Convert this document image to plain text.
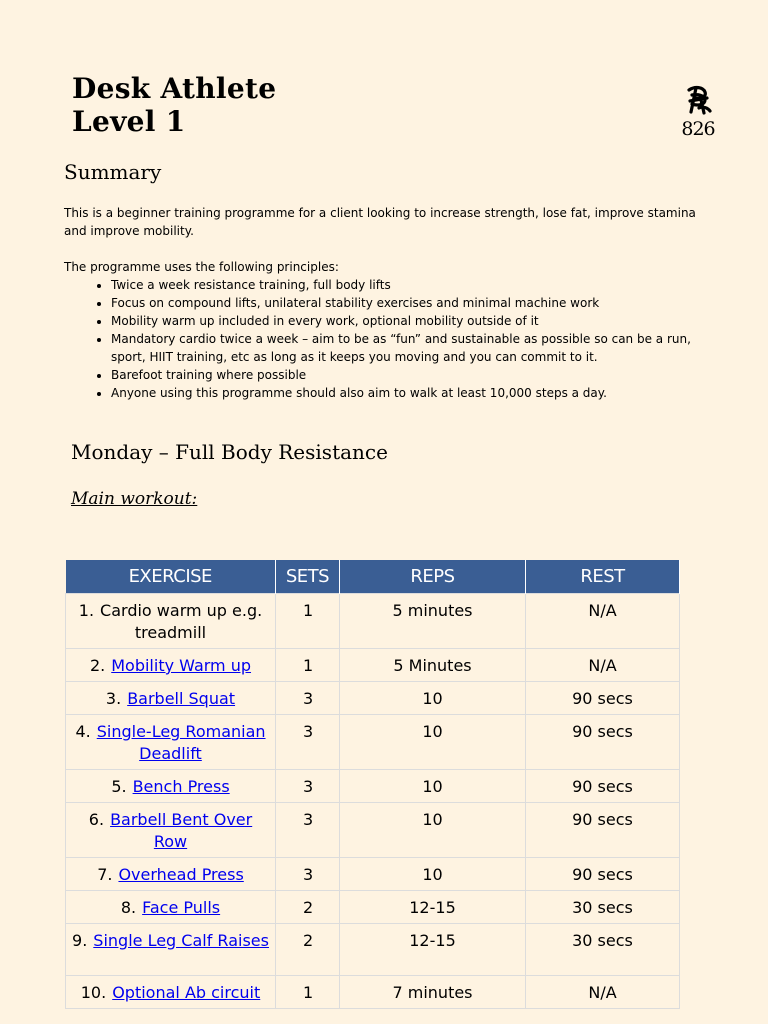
Desk Athlete
Level 1	826
Summary

This is a beginner training programme for a client looking to increase strength, lose fat, improve stamina and improve mobility.

The programme uses the following principles:

• Twice a week resistance training, full body lifts
• Focus on compound lifts, unilateral stability exercises and minimal machine work
• Mobility warm up included in every work, optional mobility outside of it
• Mandatory cardio twice a week – aim to be as “fun” and sustainable as possible so can be a run, sport, HIIT training, etc as long as it keeps you moving and you can commit to it.
• Barefoot training where possible
• Anyone using this programme should also aim to walk at least 10,000 steps a day.
Monday – Full Body Resistance
Main workout:
EXERCISE	SETS	REPS	REST
1. Cardio warm up e.g. treadmill	1	5 minutes	N/A
2. Mobility Warm up	1	5 Minutes	N/A
3. Barbell Squat	3	10	90 secs
4. Single-Leg Romanian Deadlift	3	10	90 secs
5. Bench Press	3	10	90 secs
6. Barbell Bent Over Row	3	10	90 secs
7. Overhead Press	3	10	90 secs
8. Face Pulls	2	12-15	30 secs
9. Single Leg Calf Raises	2	12-15	30 secs
10. Optional Ab circuit	1	7 minutes	N/A
